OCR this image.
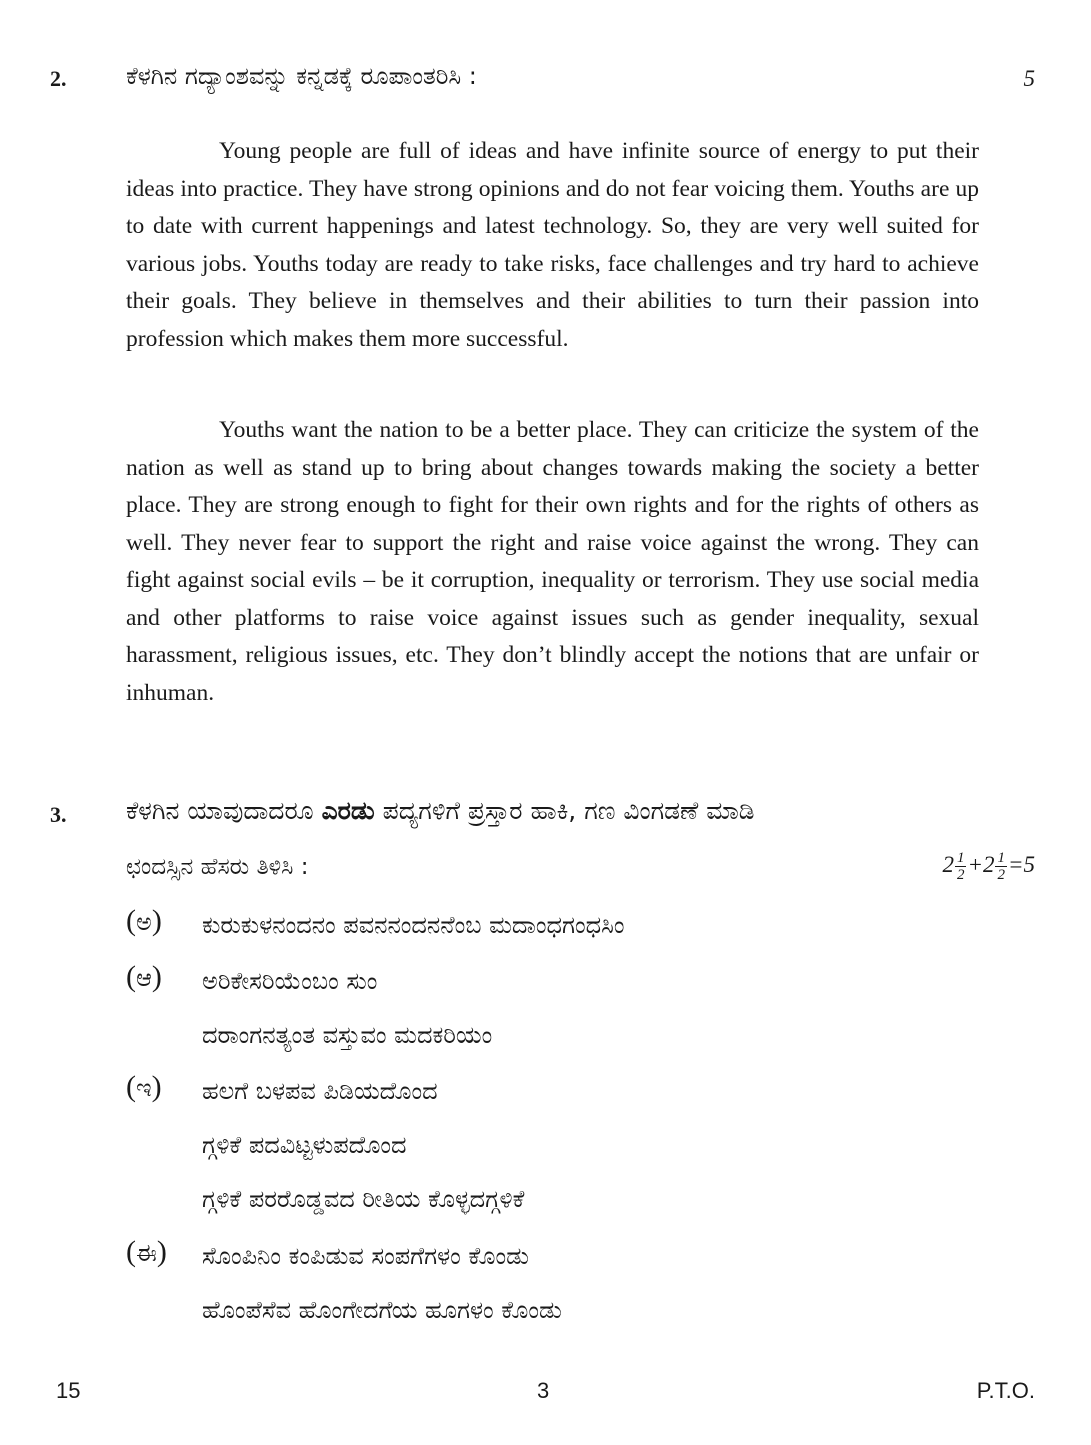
2. ಕೆಳಗಿನ ಗದ್ಯಾಂಶವನ್ನು ಕನ್ನಡಕ್ಕೆ ರೂಪಾಂತರಿಸಿ :	5

Young people are full of ideas and have infinite source of energy to put their ideas into practice. They have strong opinions and do not fear voicing them. Youths are up to date with current happenings and latest technology. So, they are very well suited for various jobs. Youths today are ready to take risks, face challenges and try hard to achieve their goals. They believe in themselves and their abilities to turn their passion into profession which makes them more successful.

Youths want the nation to be a better place. They can criticize the system of the nation as well as stand up to bring about changes towards making the society a better place. They are strong enough to fight for their own rights and for the rights of others as well. They never fear to support the right and raise voice against the wrong. They can fight against social evils – be it corruption, inequality or terrorism. They use social media and other platforms to raise voice against issues such as gender inequality, sexual harassment, religious issues, etc. They don’t blindly accept the notions that are unfair or inhuman.

3. ಕೆಳಗಿನ ಯಾವುದಾದರೂ ಎರಡು ಪದ್ಯಗಳಿಗೆ ಪ್ರಸ್ತಾರ ಹಾಕಿ, ಗಣ ವಿಂಗಡಣೆ ಮಾಡಿ
ಛಂದಸ್ಸಿನ ಹೆಸರು ತಿಳಿಸಿ :	$2 \frac{1}{2} +2 \frac{1}{2} =5$
(ಅ) ಕುರುಕುಳನಂದನಂ ಪವನನಂದನನೆಂಬ ಮದಾಂಧಗಂಧಸಿಂ
(ಆ) ಅರಿಕೇಸರಿಯೆಂಬಂ ಸುಂ
ದರಾಂಗನತ್ಯಂತ ವಸ್ತುವಂ ಮದಕರಿಯಂ
(ಇ) ಹಲಗೆ ಬಳಪವ ಪಿಡಿಯದೊಂದ
ಗ್ಗಳಿಕೆ ಪದವಿಟ್ಟಳುಪದೊಂದ
ಗ್ಗಳಿಕೆ ಪರರೊಡ್ಡವದ ರೀತಿಯ ಕೊಳ್ಳದಗ್ಗಳಿಕೆ
(ಈ) ಸೊಂಪಿನಿಂ ಕಂಪಿಡುವ ಸಂಪಗೆಗಳಂ ಕೊಂಡು
ಹೊಂಪೆಸೆವ ಹೊಂಗೇದಗೆಯ ಹೂಗಳಂ ಕೊಂಡು
15	3	P.T.O.
